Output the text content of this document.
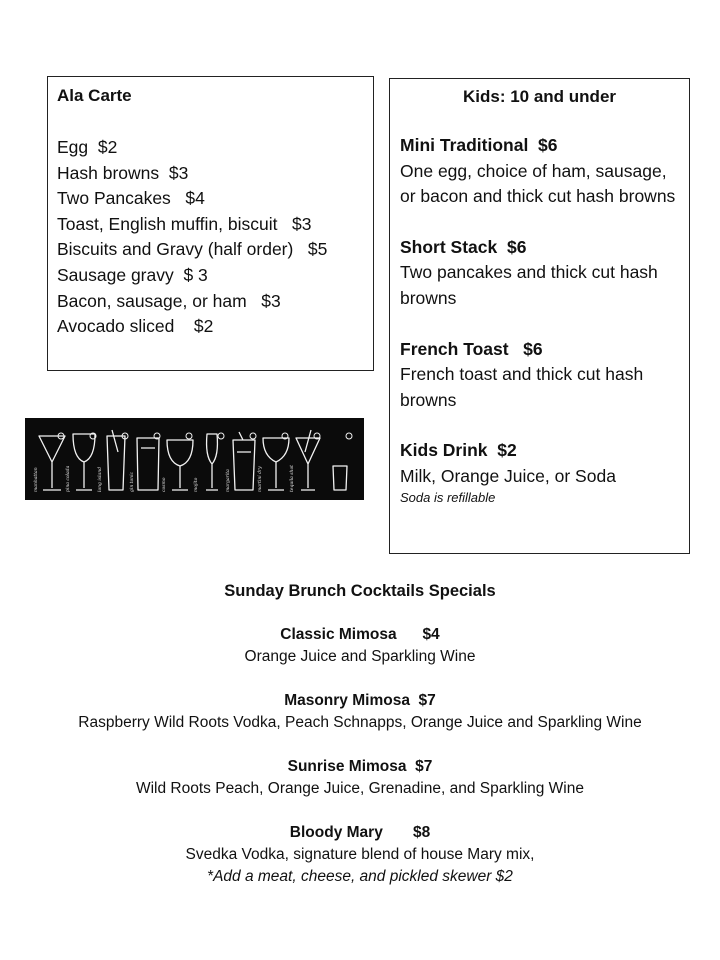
Ala Carte
Egg  $2
Hash browns  $3
Two Pancakes   $4
Toast, English muffin, biscuit   $3
Biscuits and Gravy (half order)   $5
Sausage gravy  $ 3
Bacon, sausage, or ham   $3
Avocado sliced    $2
Kids: 10 and under
Mini Traditional  $6
One egg, choice of ham, sausage, or bacon and thick cut hash browns
Short Stack  $6
Two pancakes and thick cut hash browns
French Toast   $6
French toast and thick cut hash browns
Kids Drink  $2
Milk, Orange Juice, or Soda
Soda is refillable
manhattan	pina colada	long island	gin tonic	cosmo	mojito	margarita	martini dry	tequila shot
Sunday Brunch Cocktails Specials
Classic Mimosa      $4
Orange Juice and Sparkling Wine
Masonry Mimosa  $7
Raspberry Wild Roots Vodka, Peach Schnapps, Orange Juice and Sparkling Wine
Sunrise Mimosa  $7
Wild Roots Peach, Orange Juice, Grenadine, and Sparkling Wine
Bloody Mary       $8
Svedka Vodka, signature blend of house Mary mix,
*Add a meat, cheese, and pickled skewer $2
